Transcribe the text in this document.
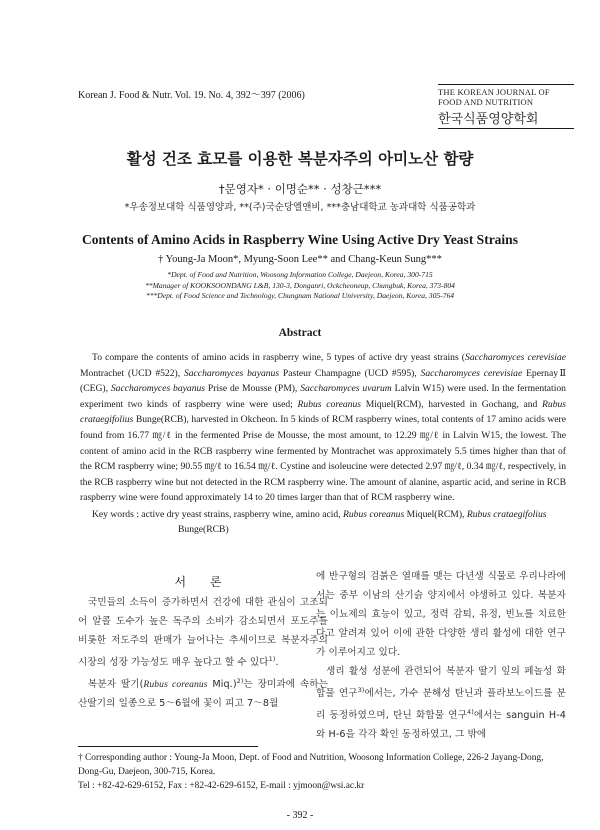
Korean J. Food & Nutr. Vol. 19. No. 4, 392～397 (2006)	THE KOREAN JOURNAL OF
FOOD AND NUTRITION
한국식품영양학회
활성 건조 효모를 이용한 복분자주의 아미노산 함량
†문영자* · 이명순** · 성창근***
*우송정보대학 식품영양과, **(주)국순당엘앤비, ***충남대학교 농과대학 식품공학과
Contents of Amino Acids in Raspberry Wine Using Active Dry Yeast Strains
† Young-Ja Moon*, Myung-Soon Lee** and Chang-Keun Sung***
*Dept. of Food and Nutrition, Woosong Information College, Daejeon, Korea, 300-715
**Manager of KOOKSOONDANG L&B, 130-3, Donganri, Ockcheoneup, Chungbuk, Korea, 373-804
***Dept. of Food Science and Technology, Chungnam National University, Daejeon, Korea, 305-764
Abstract

To compare the contents of amino acids in raspberry wine, 5 types of active dry yeast strains (Saccharomyces cerevisiae Montrachet (UCD #522), Saccharomyces bayanus Pasteur Champagne (UCD #595), Saccharomyces cerevisiae EpernayⅡ (CEG), Saccharomyces bayanus Prise de Mousse (PM), Saccharomyces uvarum Lalvin W15) were used. In the fermentation experiment two kinds of raspberry wine were used; Rubus coreanus Miquel(RCM), harvested in Gochang, and Rubus crataegifolius Bunge(RCB), harvested in Okcheon. In 5 kinds of RCM raspberry wines, total contents of 17 amino acids were found from 16.77 ㎎/ℓ in the fermented Prise de Mousse, the most amount, to 12.29 ㎎/ℓ in Lalvin W15, the lowest. The content of amino acid in the RCB raspberry wine fermented by Montrachet was approximately 5.5 times higher than that of the RCM raspberry wine; 90.55 ㎎/ℓ to 16.54 ㎎/ℓ. Cystine and isoleucine were detected 2.97 ㎎/ℓ, 0.34 ㎎/ℓ, respectively, in the RCB raspberry wine but not detected in the RCM raspberry wine. The amount of alanine, aspartic acid, and serine in RCB raspberry wine were found approximately 14 to 20 times larger than that of RCM raspberry wine.

Key words : active dry yeast strains, raspberry wine, amino acid, Rubus coreanus Miquel(RCM), Rubus crataegifolius Bunge(RCB)
서 론

국민들의 소득이 증가하면서 건강에 대한 관심이 고조되어 알콜 도수가 높은 독주의 소비가 감소되면서 포도주를 비롯한 저도주의 판매가 늘어나는 추세이므로 복분자주의 시장의 성장 가능성도 매우 높다고 할 수 있다$^{1)}$.

복분자 딸기(Rubus coreanus Miq.)$^{2)}$는 장미과에 속하는 산딸기의 일종으로 5～6월에 꽃이 피고 7～8월

에 반구형의 검붉은 열매를 맺는 다년생 식물로 우리나라에서는 중부 이남의 산기슭 양지에서 야생하고 있다. 복분자는 이뇨제의 효능이 있고, 정력 감퇴, 유정, 빈뇨를 치료한다고 알려져 있어 이에 관한 다양한 생리 활성에 대한 연구가 이루어지고 있다.

생리 활성 성분에 관련되어 복분자 딸기 잎의 페놀성 화합물 연구$^{3)}$에서는, 가수 분해성 탄닌과 플라보노이드를 분리 동정하였으며, 탄닌 화합물 연구$^{4)}$에서는 sanguin H-4와 H-6을 각각 확인 동정하였고, 그 밖에

† Corresponding author : Young-Ja Moon, Dept. of Food and Nutrition, Woosong Information College, 226-2 Jayang-Dong, Dong-Gu, Daejeon, 300-715, Korea.

Tel : +82-42-629-6152, Fax : +82-42-629-6152, E-mail : yjmoon@wsi.ac.kr

- 392 -
